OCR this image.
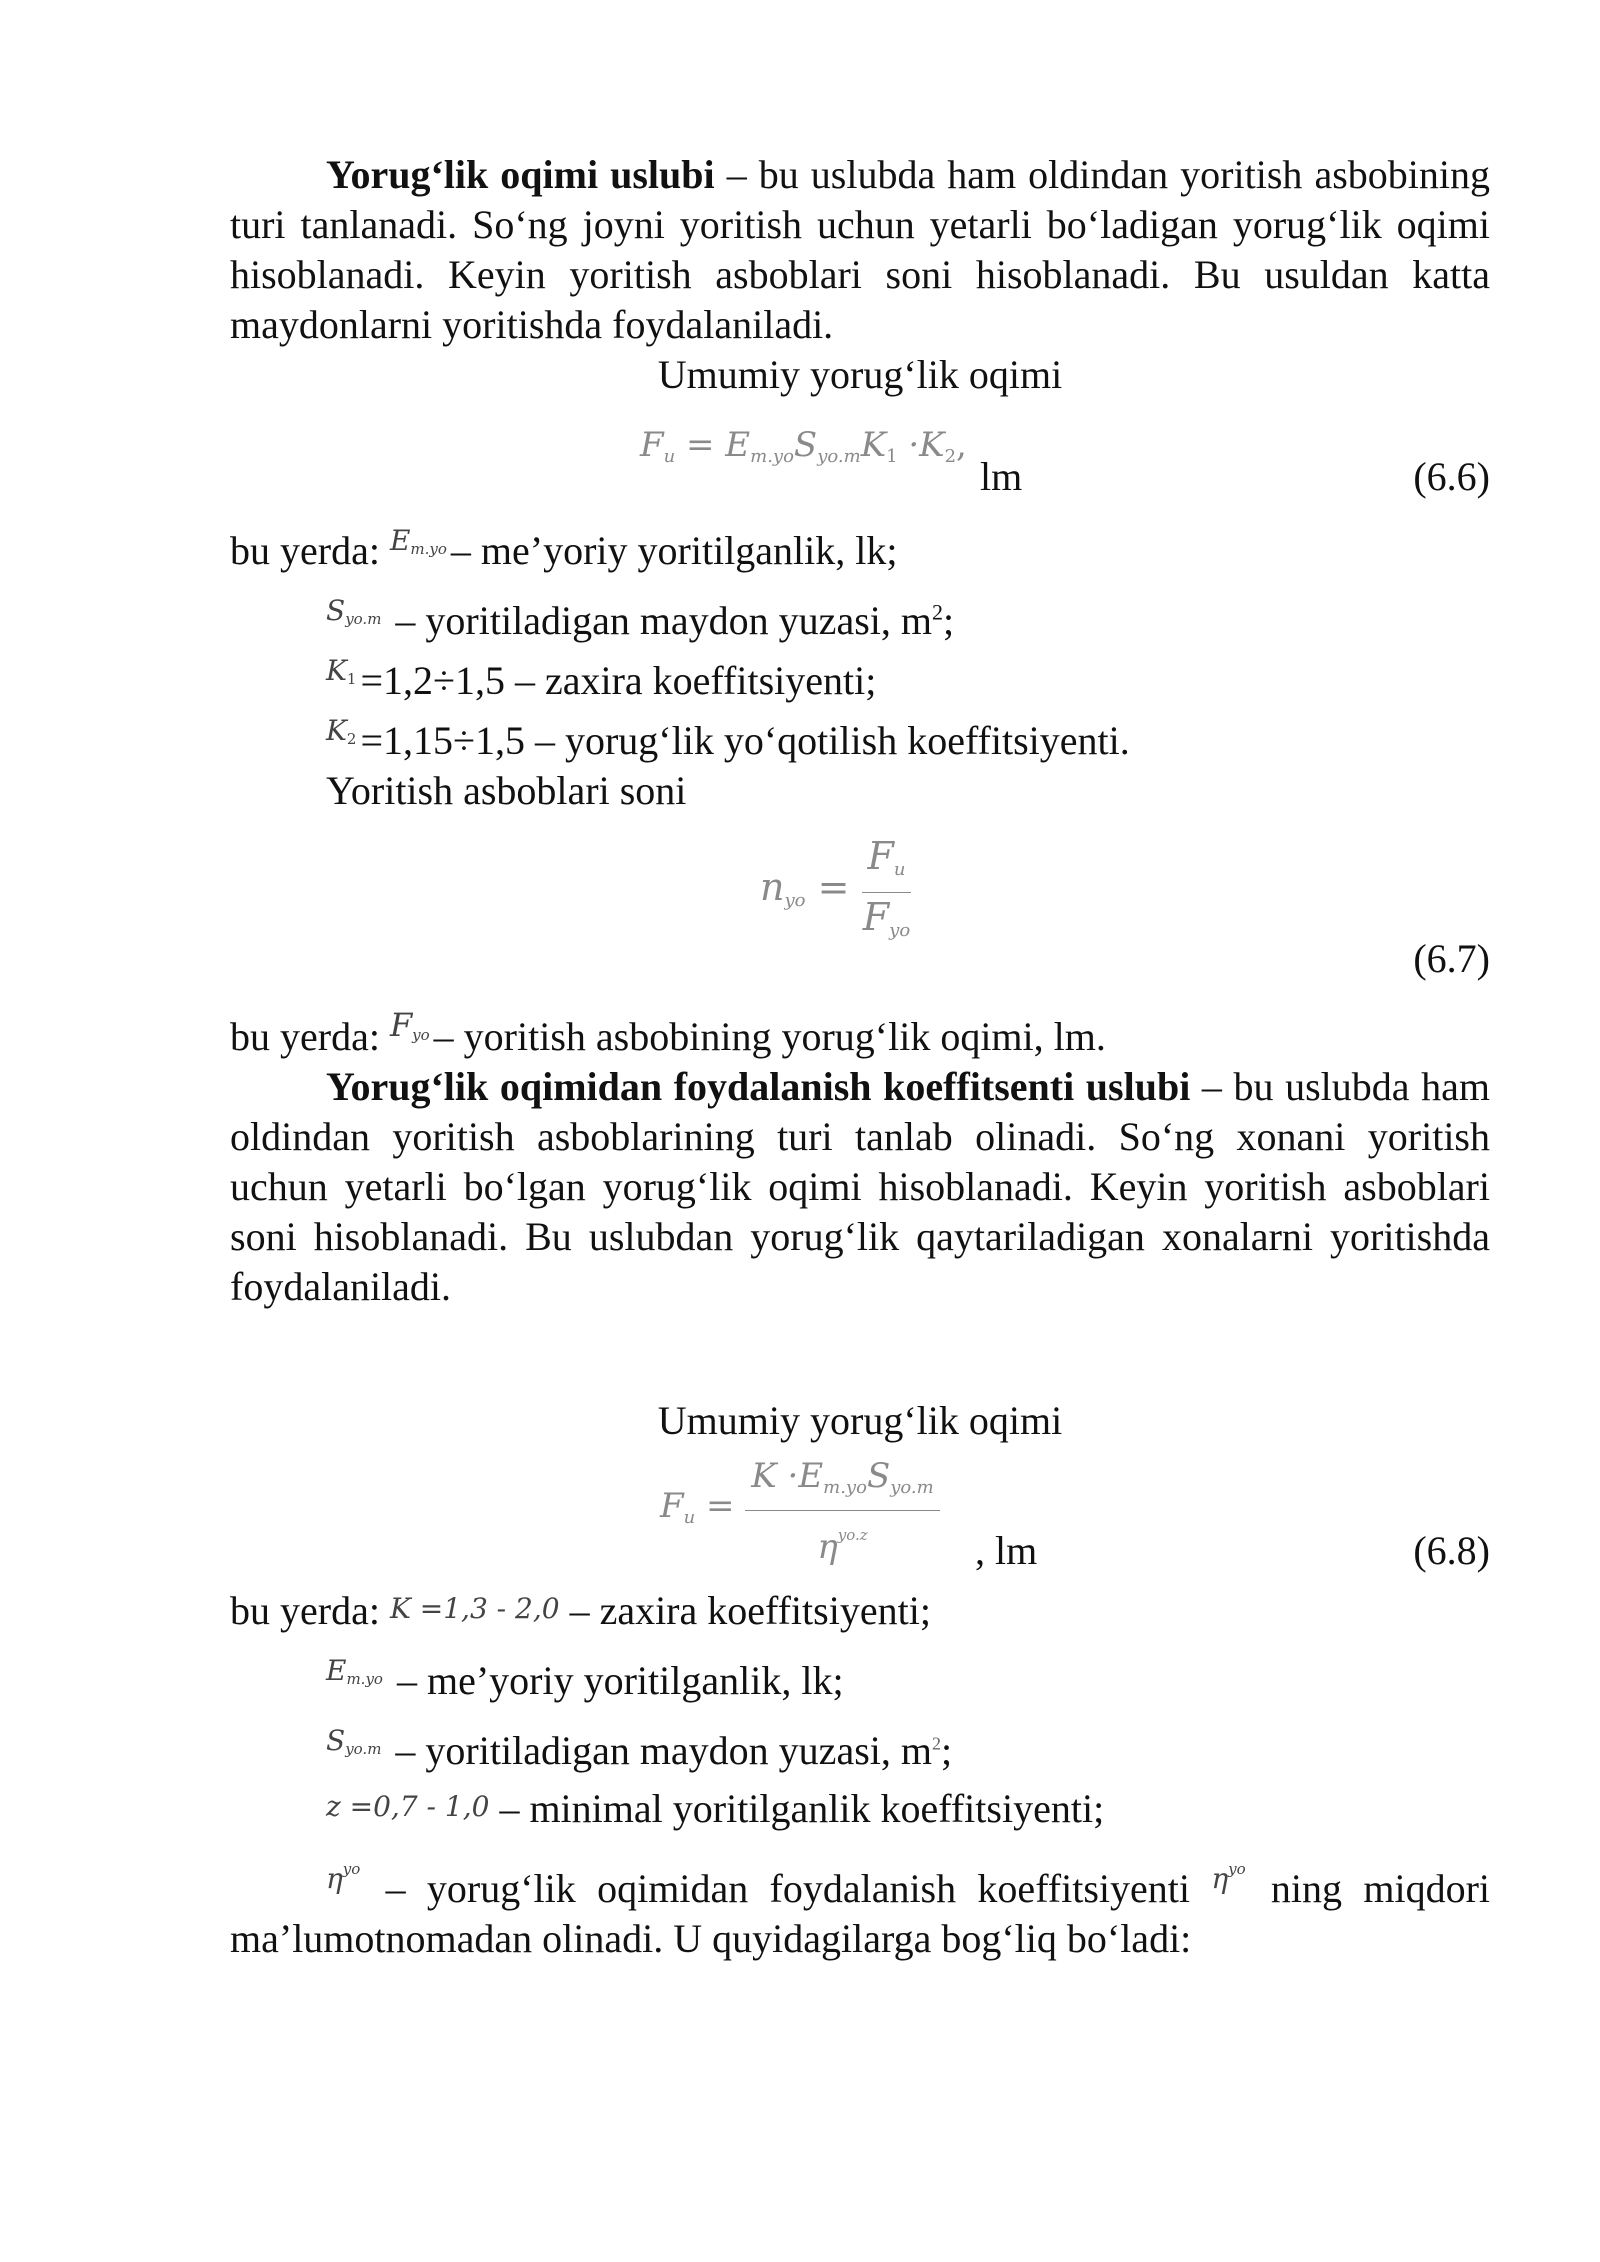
Yorug‘lik oqimi uslubi – bu uslubda ham oldindan yoritish asbobining turi tanlanadi. So‘ng joyni yoritish uchun yetarli bo‘ladigan yorug‘lik oqimi hisoblanadi. Keyin yoritish asboblari soni hisoblanadi. Bu usuldan katta maydonlarni yoritishda foydalaniladi.

Umumiy yorug‘lik oqimi

$F_u = E_{m.yo}S_{yo.m}K1 \cdot K2$,
lm	(6.6)

bu yerda: $^{E_{m.yo}}$ – me’yoriy yoritilganlik, lk;

$^{S_{yo.m}}$ – yoritiladigan maydon yuzasi, $m^2$;

$^{K1}$ =1,2÷1,5 – zaxira koeffitsiyenti;

$^{K2}$ =1,15÷1,5 – yorug‘lik yo‘qotilish koeffitsiyenti.

Yoritish asboblari soni

$n_{yo} = \frac{F_u}{F_{yo}}$
(6.7)

bu yerda: $^{F_{yo}}$ – yoritish asbobining yorug‘lik oqimi, lm.

Yorug‘lik oqimidan foydalanish koeffitsenti uslubi – bu uslubda ham oldindan yoritish asboblarining turi tanlab olinadi. So‘ng xonani yoritish uchun yetarli bo‘lgan yorug‘lik oqimi hisoblanadi. Keyin yoritish asboblari soni hisoblanadi. Bu uslubdan yorug‘lik qaytariladigan xonalarni yoritishda foydalaniladi.

Umumiy yorug‘lik oqimi

$F_u = \frac{K \cdot E_{m.yo}S_{yo.m}}{\eta^{yo.z}}$ , lm	(6.8)

bu yerda: K =1,3 - 2,0 – zaxira koeffitsiyenti;

$^{E_{m.yo}}$ – me’yoriy yoritilganlik, lk;

$^{S_{yo.m}}$ – yoritiladigan maydon yuzasi, $m^2$;

z =0,7 - 1,0 – minimal yoritilganlik koeffitsiyenti;

$^{\eta^{yo}}$ – yorug‘lik oqimidan foydalanish koeffitsiyenti $^{\eta^{yo}}$ ning miqdori ma’lumotnomadan olinadi. U quyidagilarga bog‘liq bo‘ladi:
